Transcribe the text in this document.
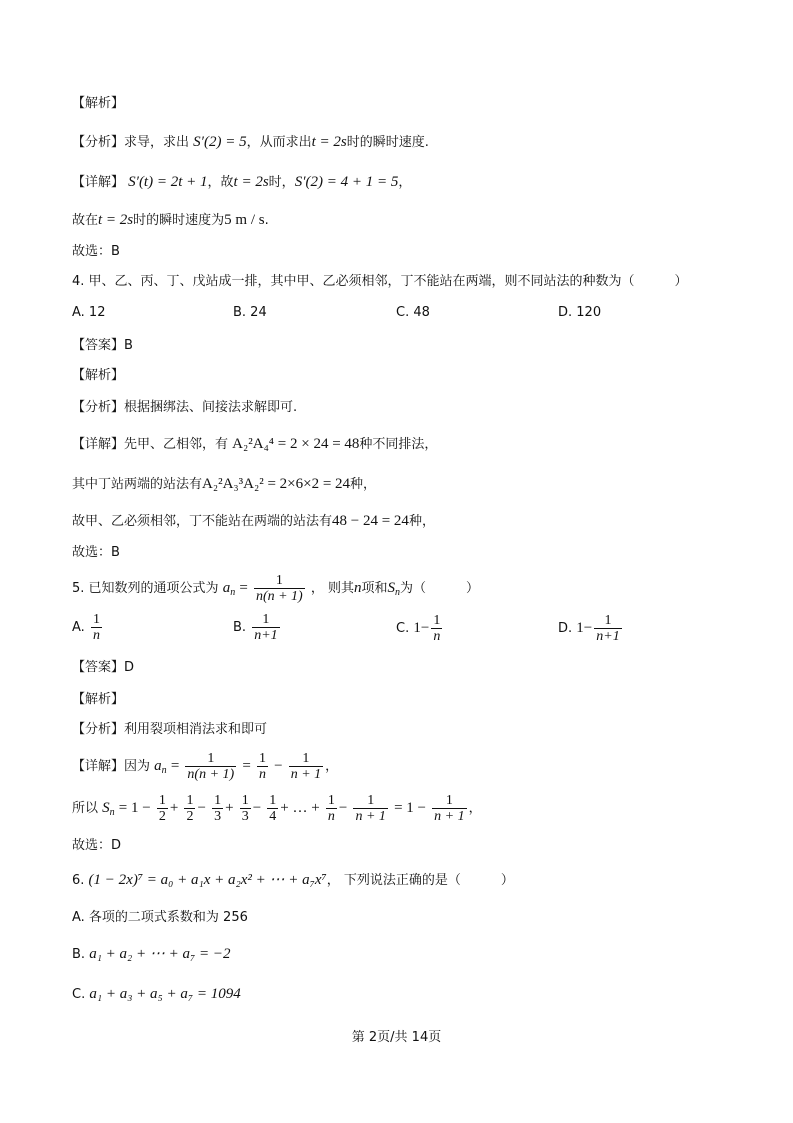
【解析】
【分析】求导，求出 S′(2) = 5，从而求出t = 2s时的瞬时速度.
【详解】 S′(t) = 2t + 1，故t = 2s时，S′(2) = 4 + 1 = 5，
故在t = 2s时的瞬时速度为5 m / s.
故选：B
4. 甲、乙、丙、丁、戊站成一排，其中甲、乙必须相邻，丁不能站在两端，则不同站法的种数为（	）
A. 12	B. 24	C. 48	D. 120
【答案】B
【解析】
【分析】根据捆绑法、间接法求解即可.
【详解】先甲、乙相邻，有 A₂²A₄⁴ = 2 × 24 = 48种不同排法，
其中丁站两端的站法有A₂²A₃³A₂² = 2×6×2 = 24种，
故甲、乙必须相邻，丁不能站在两端的站法有48 − 24 = 24种，
故选：B
5. 已知数列的通项公式为 $a_n = \frac{1}{n(n + 1)}$ ， 则其n项和$S_n$为（	）
A. $\frac{1}{n}$	B. $\frac{1}{n+1}$	C. $1- \frac{1}{n}$	D. $1- \frac{1}{n+1}$
【答案】D
【解析】
【分析】利用裂项相消法求和即可
【详解】因为 $a_n = \frac{1}{n(n + 1)} = \frac{1}{n} - \frac{1}{n + 1}$ ，
所以 $S_n = 1 - \frac{1}{2} + \frac{1}{2} - \frac{1}{3} + \frac{1}{3} - \frac{1}{4}$ + … + $\frac{1}{n} - \frac{1}{n + 1} = 1 - \frac{1}{n + 1}$ ，
故选：D
6. (1 − 2x)⁷ = a₀ + a₁x + a₂x² + ⋯ + a₇x⁷， 下列说法正确的是（	）
A. 各项的二项式系数和为 256
B. a₁ + a₂ + ⋯ + a₇ = −2
C. a₁ + a₃ + a₅ + a₇ = 1094
第 2页/共 14页
